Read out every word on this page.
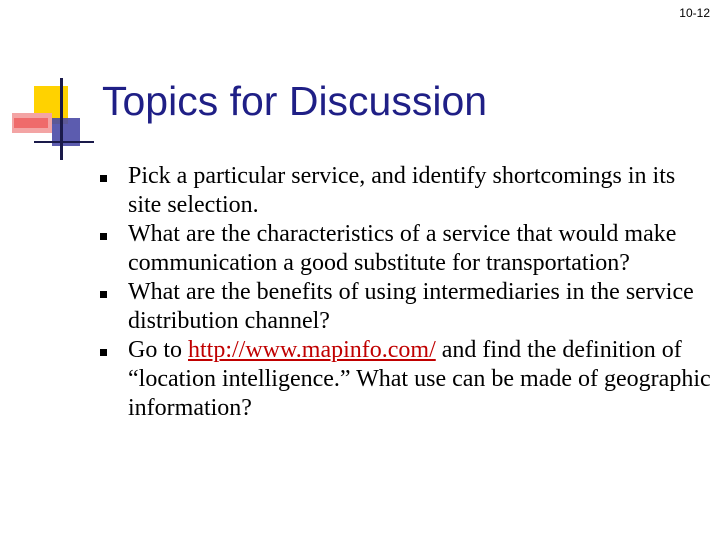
10-12
Topics for Discussion
Pick a particular service, and identify shortcomings in its site selection.
What are the characteristics of a service that would make communication a good substitute for transportation?
What are the benefits of using intermediaries in the service distribution channel?
Go to http://www.mapinfo.com/ and find the definition of “location intelligence.” What use can be made of geographic information?
